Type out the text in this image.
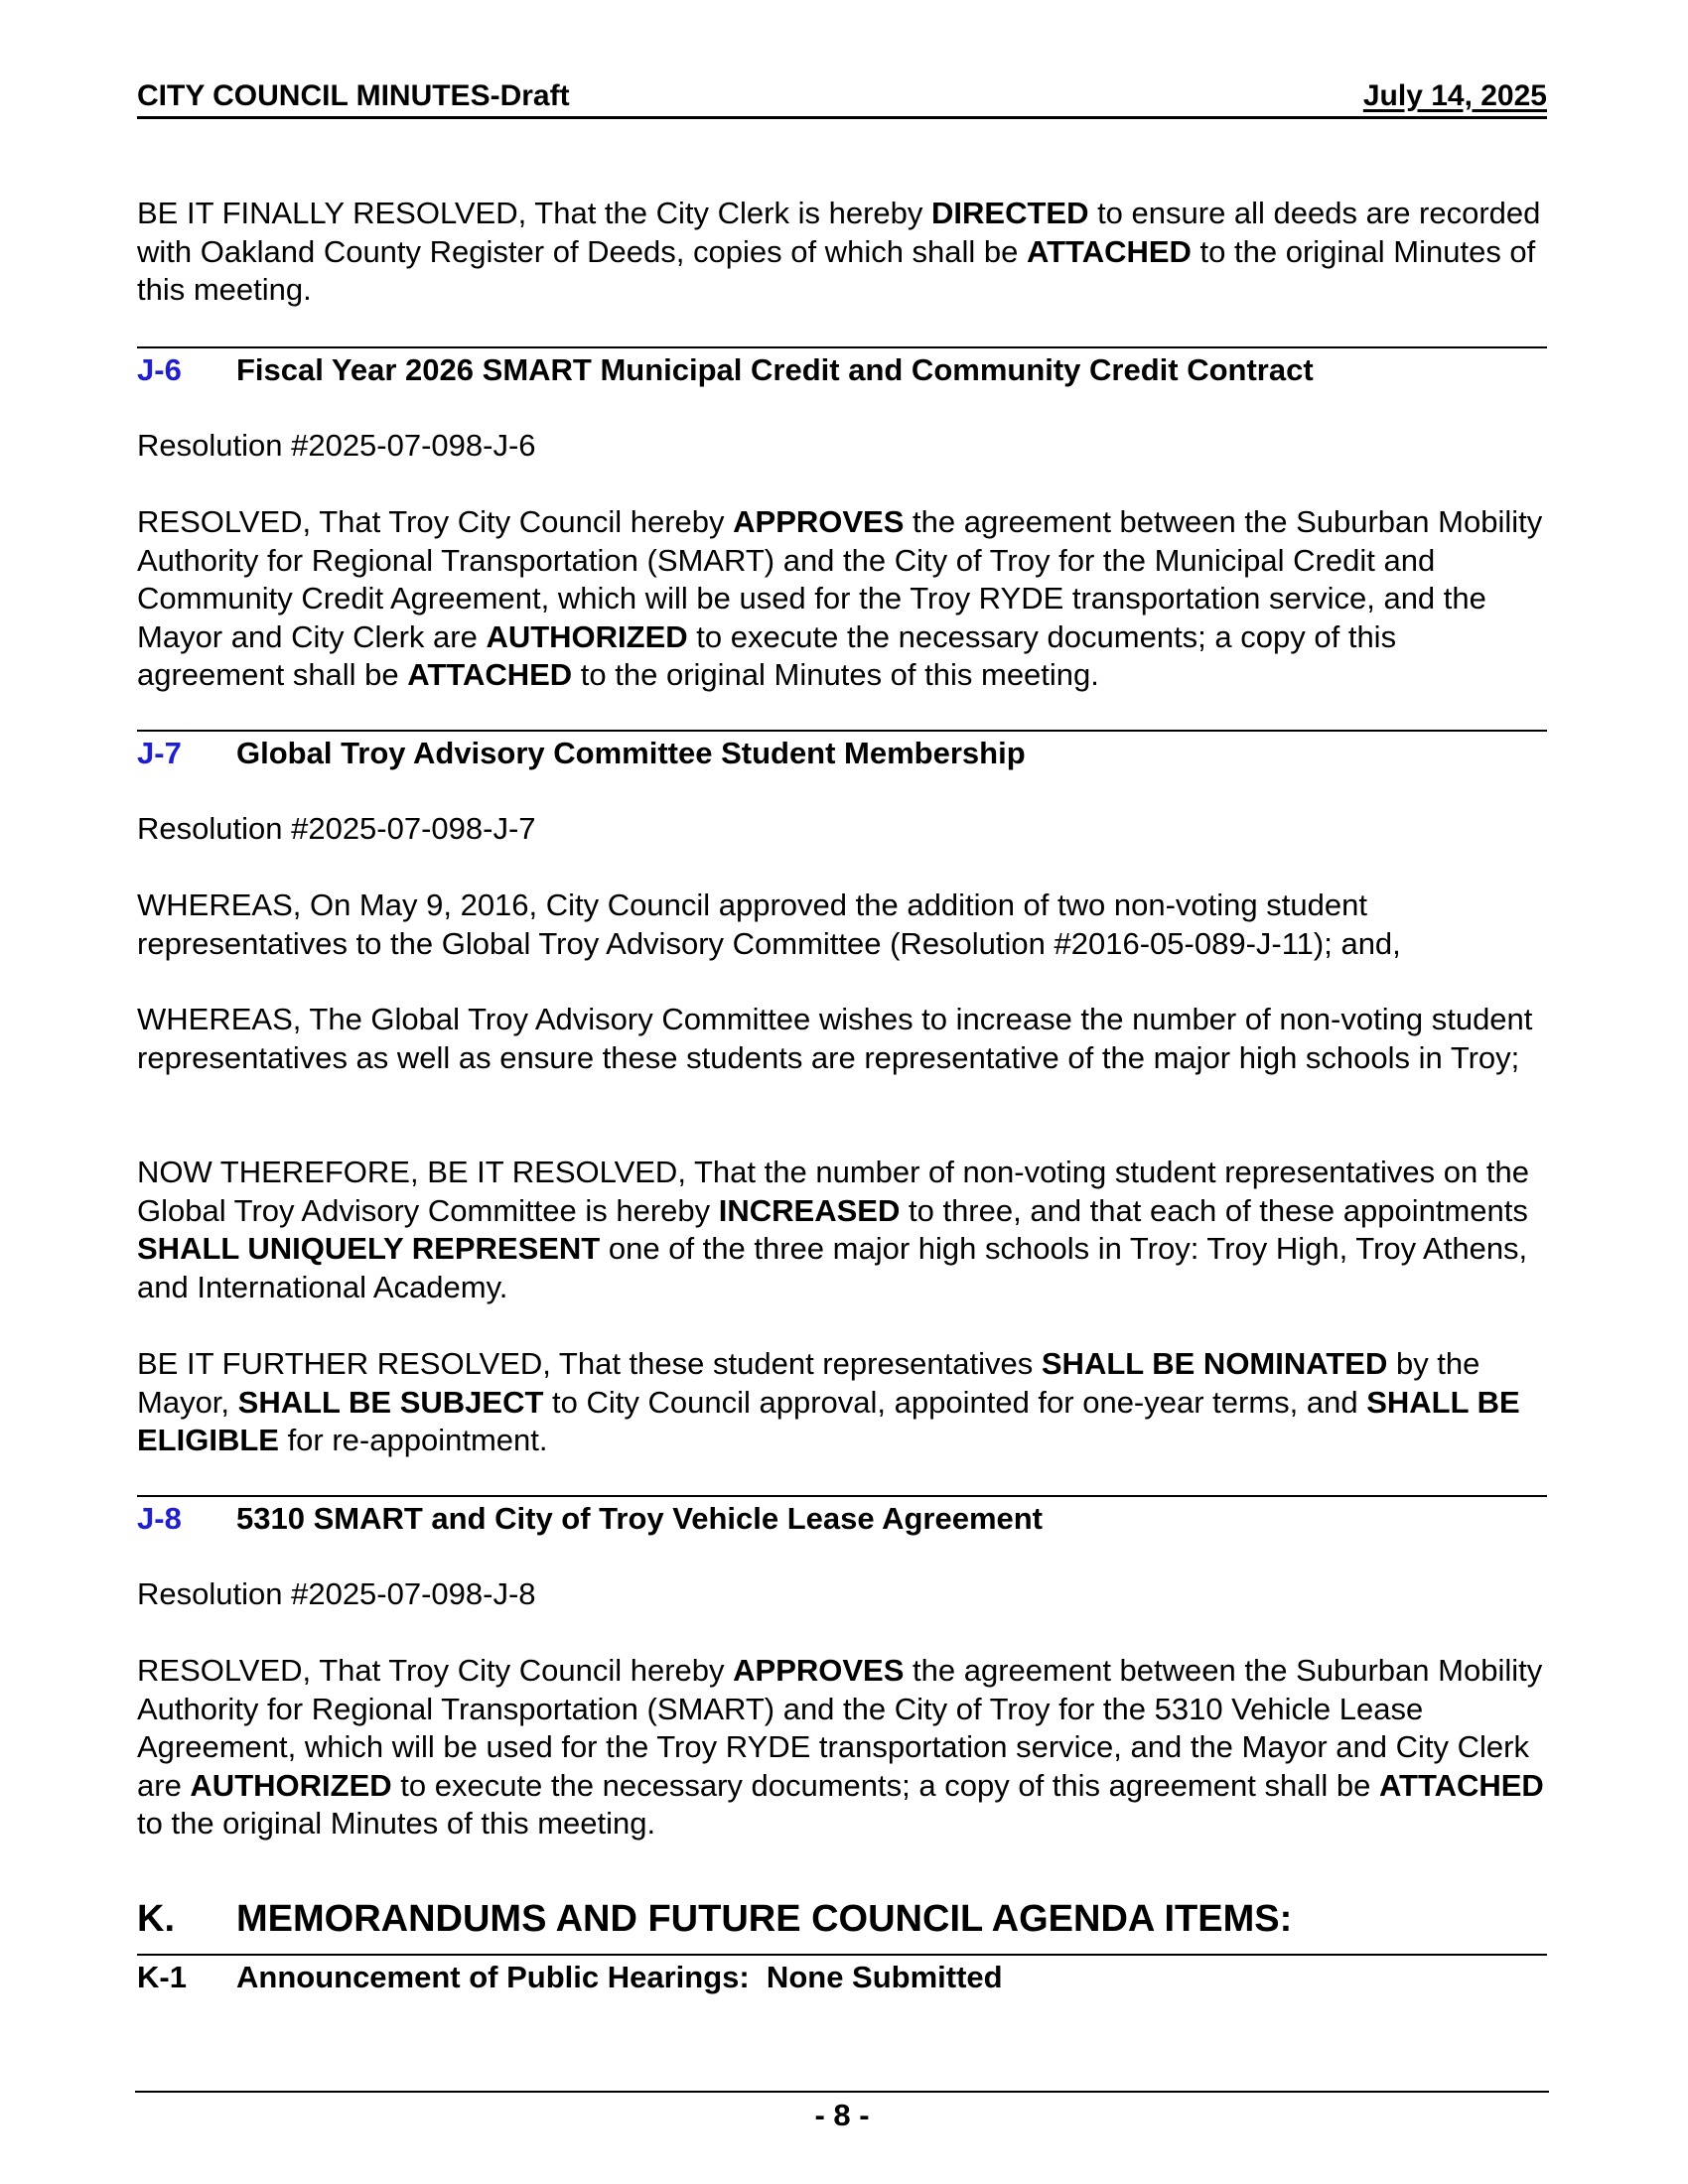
CITY COUNCIL MINUTES-Draft	July 14, 2025

BE IT FINALLY RESOLVED, That the City Clerk is hereby DIRECTED to ensure all deeds are recorded with Oakland County Register of Deeds, copies of which shall be ATTACHED to the original Minutes of this meeting.

J-6	Fiscal Year 2026 SMART Municipal Credit and Community Credit Contract

Resolution #2025-07-098-J-6

RESOLVED, That Troy City Council hereby APPROVES the agreement between the Suburban Mobility Authority for Regional Transportation (SMART) and the City of Troy for the Municipal Credit and Community Credit Agreement, which will be used for the Troy RYDE transportation service, and the Mayor and City Clerk are AUTHORIZED to execute the necessary documents; a copy of this agreement shall be ATTACHED to the original Minutes of this meeting.

J-7	Global Troy Advisory Committee Student Membership

Resolution #2025-07-098-J-7

WHEREAS, On May 9, 2016, City Council approved the addition of two non-voting student representatives to the Global Troy Advisory Committee (Resolution #2016-05-089-J-11); and,

WHEREAS, The Global Troy Advisory Committee wishes to increase the number of non-voting student representatives as well as ensure these students are representative of the major high schools in Troy;

NOW THEREFORE, BE IT RESOLVED, That the number of non-voting student representatives on the Global Troy Advisory Committee is hereby INCREASED to three, and that each of these appointments SHALL UNIQUELY REPRESENT one of the three major high schools in Troy: Troy High, Troy Athens, and International Academy.

BE IT FURTHER RESOLVED, That these student representatives SHALL BE NOMINATED by the Mayor, SHALL BE SUBJECT to City Council approval, appointed for one-year terms, and SHALL BE ELIGIBLE for re-appointment.

J-8	5310 SMART and City of Troy Vehicle Lease Agreement

Resolution #2025-07-098-J-8

RESOLVED, That Troy City Council hereby APPROVES the agreement between the Suburban Mobility Authority for Regional Transportation (SMART) and the City of Troy for the 5310 Vehicle Lease Agreement, which will be used for the Troy RYDE transportation service, and the Mayor and City Clerk are AUTHORIZED to execute the necessary documents; a copy of this agreement shall be ATTACHED to the original Minutes of this meeting.

K.	MEMORANDUMS AND FUTURE COUNCIL AGENDA ITEMS:
K-1	Announcement of Public Hearings:  None Submitted
- 8 -
